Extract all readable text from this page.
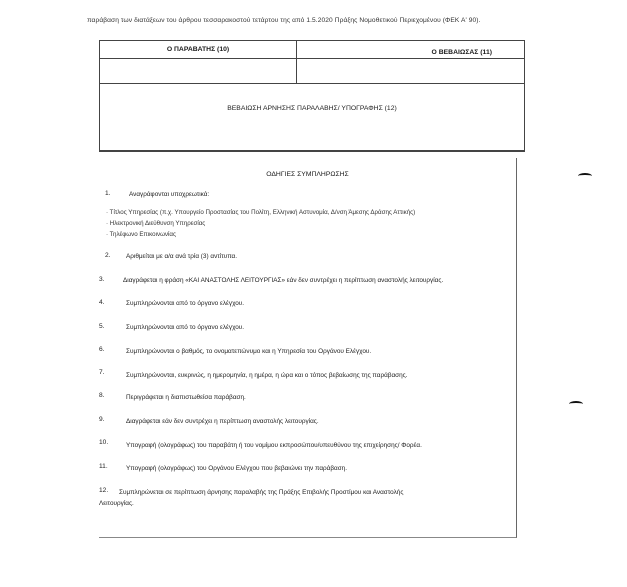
παράβαση των διατάξεων του άρθρου τεσσαρακοστού τετάρτου της από 1.5.2020 Πράξης Νομοθετικού Περιεχομένου (ΦΕΚ Α' 90).
Ο ΠΑΡΑΒΑΤΗΣ (10)	Ο ΒΕΒΑΙΩΣΑΣ (11)
ΒΕΒΑΙΩΣΗ ΑΡΝΗΣΗΣ ΠΑΡΑΛΑΒΗΣ/ ΥΠΟΓΡΑΦΗΣ (12)
ΟΔΗΓΙΕΣ ΣΥΜΠΛΗΡΩΣΗΣ
1.	Αναγράφονται υποχρεωτικά:
· Τίτλος Υπηρεσίας (π.χ. Υπουργείο Προστασίας του Πολίτη, Ελληνική Αστυνομία, Δ/νση Άμεσης Δράσης Αττικής)
· Ηλεκτρονική Διεύθυνση Υπηρεσίας
· Τηλέφωνο Επικοινωνίας
2. Αριθμείται με α/α ανά τρία (3) αντίτυπα.
3.	Διαγράφεται η φράση «ΚΑΙ ΑΝΑΣΤΟΛΗΣ ΛΕΙΤΟΥΡΓΙΑΣ» εάν δεν συντρέχει η περίπτωση αναστολής λειτουργίας.
4.	Συμπληρώνονται από το όργανο ελέγχου.
5.	Συμπληρώνονται από το όργανο ελέγχου.
6.	Συμπληρώνονται ο βαθμός, το ονοματεπώνυμο και η Υπηρεσία του Οργάνου Ελέγχου.
7.	Συμπληρώνονται, ευκρινώς, η ημερομηνία, η ημέρα, η ώρα και ο τόπος βεβαίωσης της παράβασης.
8.	Περιγράφεται η διαπιστωθείσα παράβαση.
9.	Διαγράφεται εάν δεν συντρέχει η περίπτωση αναστολής λειτουργίας.
10.	Υπογραφή (ολογράφως) του παραβάτη ή του νομίμου εκπροσώπου/υπευθύνου της επιχείρησης/ Φορέα.
11.	Υπογραφή (ολογράφως) του Οργάνου Ελέγχου που βεβαιώνει την παράβαση.
12. Συμπληρώνεται σε περίπτωση άρνησης παραλαβής της Πράξης Επιβολής Προστίμου και Αναστολής
Λειτουργίας.
